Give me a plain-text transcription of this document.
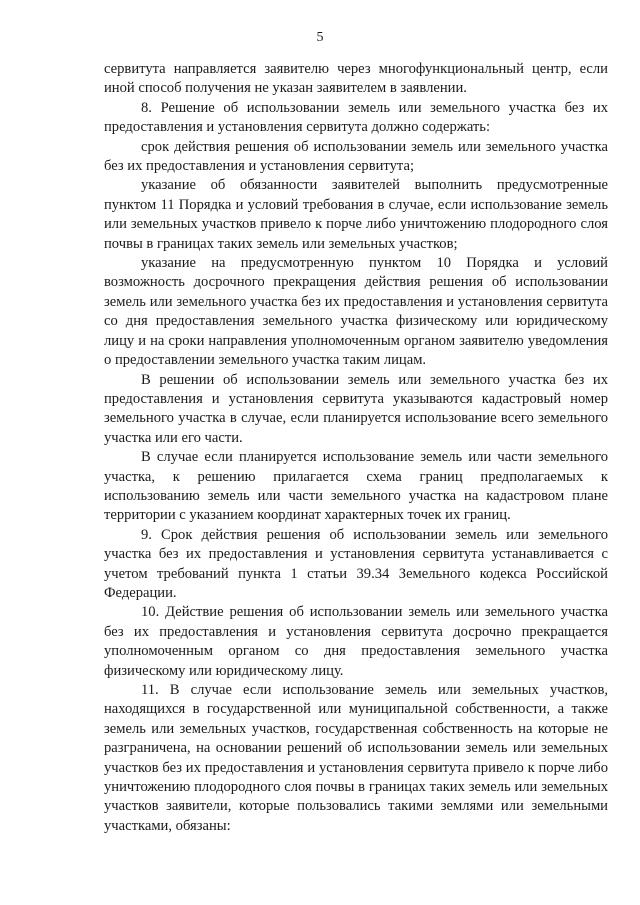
5

сервитута направляется заявителю через многофункциональный центр, если иной способ получения не указан заявителем в заявлении.

8. Решение об использовании земель или земельного участка без их предоставления и установления сервитута должно содержать:

срок действия решения об использовании земель или земельного участка без их предоставления и установления сервитута;

указание об обязанности заявителей выполнить предусмотренные пунктом 11 Порядка и условий требования в случае, если использование земель или земельных участков привело к порче либо уничтожению плодородного слоя почвы в границах таких земель или земельных участков;

указание на предусмотренную пунктом 10 Порядка и условий возможность досрочного прекращения действия решения об использовании земель или земельного участка без их предоставления и установления сервитута со дня предоставления земельного участка физическому или юридическому лицу и на сроки направления уполномоченным органом заявителю уведомления о предоставлении земельного участка таким лицам.

В решении об использовании земель или земельного участка без их предоставления и установления сервитута указываются кадастровый номер земельного участка в случае, если планируется использование всего земельного участка или его части.

В случае если планируется использование земель или части земельного участка, к решению прилагается схема границ предполагаемых к использованию земель или части земельного участка на кадастровом плане территории с указанием координат характерных точек их границ.

9. Срок действия решения об использовании земель или земельного участка без их предоставления и установления сервитута устанавливается с учетом требований пункта 1 статьи 39.34 Земельного кодекса Российской Федерации.

10. Действие решения об использовании земель или земельного участка без их предоставления и установления сервитута досрочно прекращается уполномоченным органом со дня предоставления земельного участка физическому или юридическому лицу.

11. В случае если использование земель или земельных участков, находящихся в государственной или муниципальной собственности, а также земель или земельных участков, государственная собственность на которые не разграничена, на основании решений об использовании земель или земельных участков без их предоставления и установления сервитута привело к порче либо уничтожению плодородного слоя почвы в границах таких земель или земельных участков заявители, которые пользовались такими землями или земельными участками, обязаны:
